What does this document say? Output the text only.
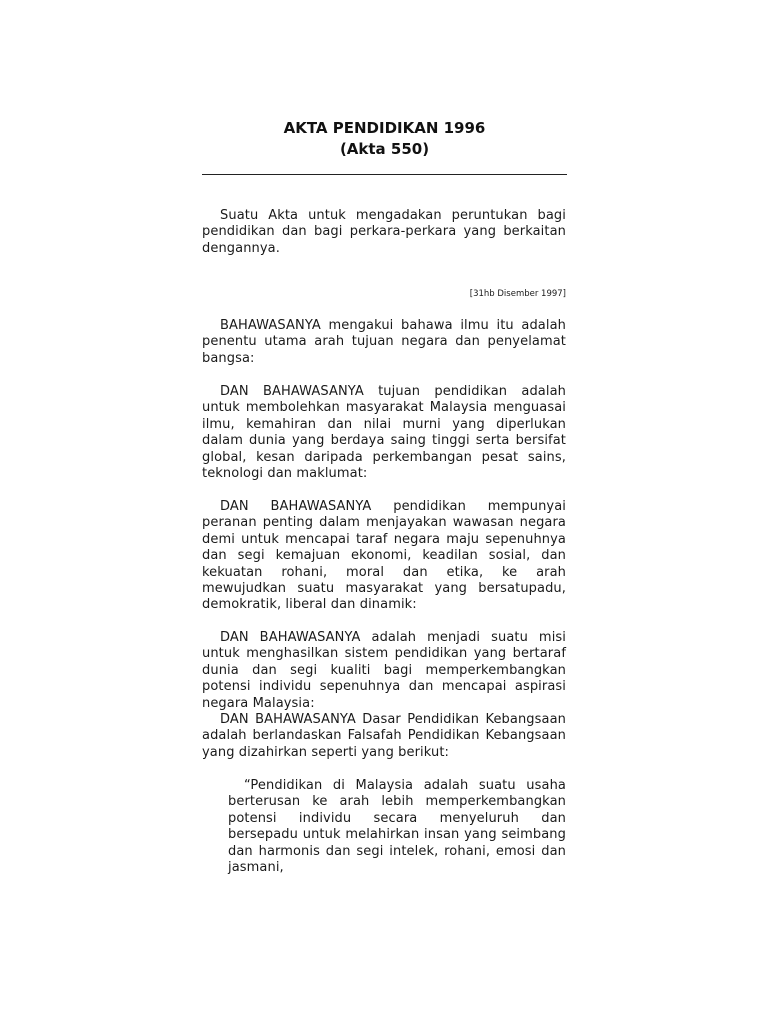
AKTA PENDIDIKAN 1996
(Akta 550)

Suatu Akta untuk mengadakan peruntukan bagi pendidikan dan bagi perkara-perkara yang berkaitan dengannya.

[31hb Disember 1997]

BAHAWASANYA mengakui bahawa ilmu itu adalah penentu utama arah tujuan negara dan penyelamat bangsa:

DAN BAHAWASANYA tujuan pendidikan adalah untuk membolehkan masyarakat Malaysia menguasai ilmu, kemahiran dan nilai murni yang diperlukan dalam dunia yang berdaya saing tinggi serta bersifat global, kesan daripada perkembangan pesat sains, teknologi dan maklumat:

DAN BAHAWASANYA pendidikan mempunyai peranan penting dalam menjayakan wawasan negara demi untuk mencapai taraf negara maju sepenuhnya dan segi kemajuan ekonomi, keadilan sosial, dan kekuatan rohani, moral dan etika, ke arah mewujudkan suatu masyarakat yang bersatupadu, demokratik, liberal dan dinamik:

DAN BAHAWASANYA adalah menjadi suatu misi untuk menghasilkan sistem pendidikan yang bertaraf dunia dan segi kualiti bagi memperkembangkan potensi individu sepenuhnya dan mencapai aspirasi negara Malaysia:

DAN BAHAWASANYA Dasar Pendidikan Kebangsaan adalah berlandaskan Falsafah Pendidikan Kebangsaan yang dizahirkan seperti yang berikut:

“Pendidikan di Malaysia adalah suatu usaha berterusan ke arah lebih memperkembangkan potensi individu secara menyeluruh dan bersepadu untuk melahirkan insan yang seimbang dan harmonis dan segi intelek, rohani, emosi dan jasmani,
